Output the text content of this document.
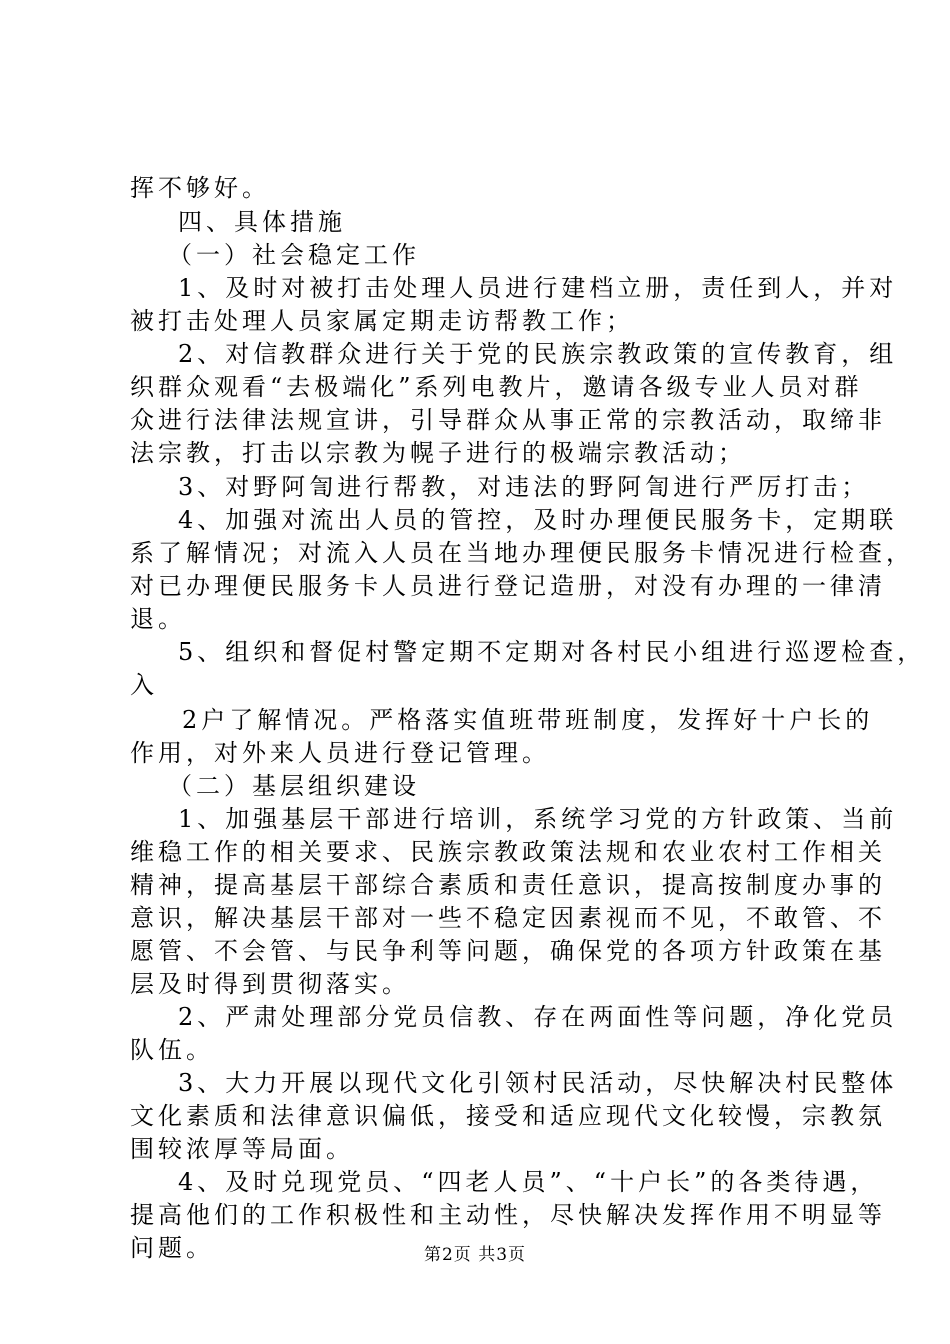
挥不够好。
四、具体措施
（一）社会稳定工作
1、及时对被打击处理人员进行建档立册，责任到人，并对
被打击处理人员家属定期走访帮教工作；
2、对信教群众进行关于党的民族宗教政策的宣传教育，组
织群众观看“去极端化”系列电教片，邀请各级专业人员对群
众进行法律法规宣讲，引导群众从事正常的宗教活动，取缔非
法宗教，打击以宗教为幌子进行的极端宗教活动；
3、对野阿訇进行帮教，对违法的野阿訇进行严厉打击；
4、加强对流出人员的管控，及时办理便民服务卡，定期联
系了解情况；对流入人员在当地办理便民服务卡情况进行检查，
对已办理便民服务卡人员进行登记造册，对没有办理的一律清
退。
5、组织和督促村警定期不定期对各村民小组进行巡逻检查，
入
2户了解情况。严格落实值班带班制度，发挥好十户长的
作用，对外来人员进行登记管理。
（二）基层组织建设
1、加强基层干部进行培训，系统学习党的方针政策、当前
维稳工作的相关要求、民族宗教政策法规和农业农村工作相关
精神，提高基层干部综合素质和责任意识，提高按制度办事的
意识，解决基层干部对一些不稳定因素视而不见，不敢管、不
愿管、不会管、与民争利等问题，确保党的各项方针政策在基
层及时得到贯彻落实。
2、严肃处理部分党员信教、存在两面性等问题，净化党员
队伍。
3、大力开展以现代文化引领村民活动，尽快解决村民整体
文化素质和法律意识偏低，接受和适应现代文化较慢，宗教氛
围较浓厚等局面。
4、及时兑现党员、“四老人员”、“十户长”的各类待遇，
提高他们的工作积极性和主动性，尽快解决发挥作用不明显等
问题。	第2页 共3页
